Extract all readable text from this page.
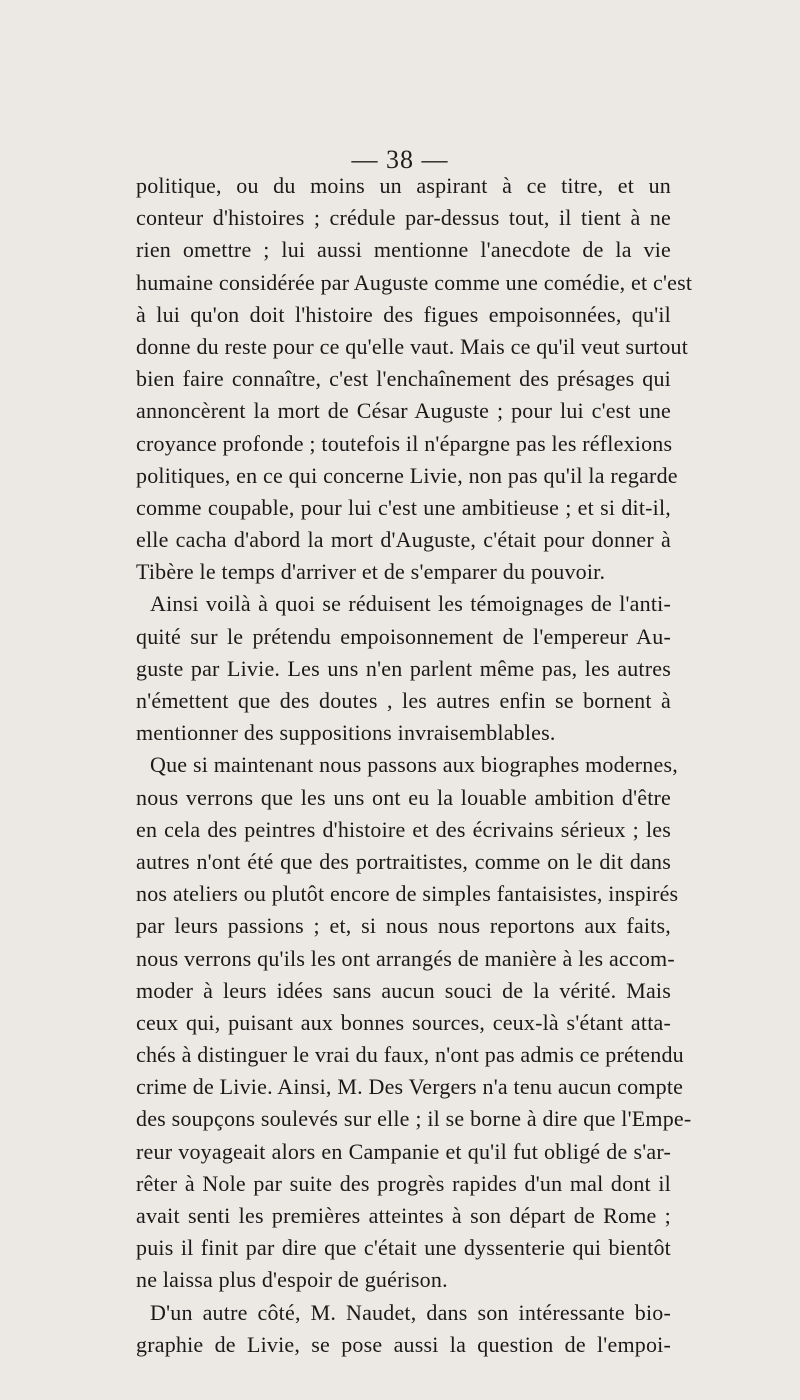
— 38 —
politique, ou du moins un aspirant à ce titre, et un
conteur d'histoires ; crédule par-dessus tout, il tient à ne
rien omettre ; lui aussi mentionne l'anecdote de la vie
humaine considérée par Auguste comme une comédie, et c'est
à lui qu'on doit l'histoire des figues empoisonnées, qu'il
donne du reste pour ce qu'elle vaut. Mais ce qu'il veut surtout
bien faire connaître, c'est l'enchaînement des présages qui
annoncèrent la mort de César Auguste ; pour lui c'est une
croyance profonde ; toutefois il n'épargne pas les réflexions
politiques, en ce qui concerne Livie, non pas qu'il la regarde
comme coupable, pour lui c'est une ambitieuse ; et si dit-il,
elle cacha d'abord la mort d'Auguste, c'était pour donner à
Tibère le temps d'arriver et de s'emparer du pouvoir.
Ainsi voilà à quoi se réduisent les témoignages de l'anti-
quité sur le prétendu empoisonnement de l'empereur Au-
guste par Livie. Les uns n'en parlent même pas, les autres
n'émettent que des doutes , les autres enfin se bornent à
mentionner des suppositions invraisemblables.
Que si maintenant nous passons aux biographes modernes,
nous verrons que les uns ont eu la louable ambition d'être
en cela des peintres d'histoire et des écrivains sérieux ; les
autres n'ont été que des portraitistes, comme on le dit dans
nos ateliers ou plutôt encore de simples fantaisistes, inspirés
par leurs passions ; et, si nous nous reportons aux faits,
nous verrons qu'ils les ont arrangés de manière à les accom-
moder à leurs idées sans aucun souci de la vérité. Mais
ceux qui, puisant aux bonnes sources, ceux-là s'étant atta-
chés à distinguer le vrai du faux, n'ont pas admis ce prétendu
crime de Livie. Ainsi, M. Des Vergers n'a tenu aucun compte
des soupçons soulevés sur elle ; il se borne à dire que l'Empe-
reur voyageait alors en Campanie et qu'il fut obligé de s'ar-
rêter à Nole par suite des progrès rapides d'un mal dont il
avait senti les premières atteintes à son départ de Rome ;
puis il finit par dire que c'était une dyssenterie qui bientôt
ne laissa plus d'espoir de guérison.
D'un autre côté, M. Naudet, dans son intéressante bio-
graphie de Livie, se pose aussi la question de l'empoi-
